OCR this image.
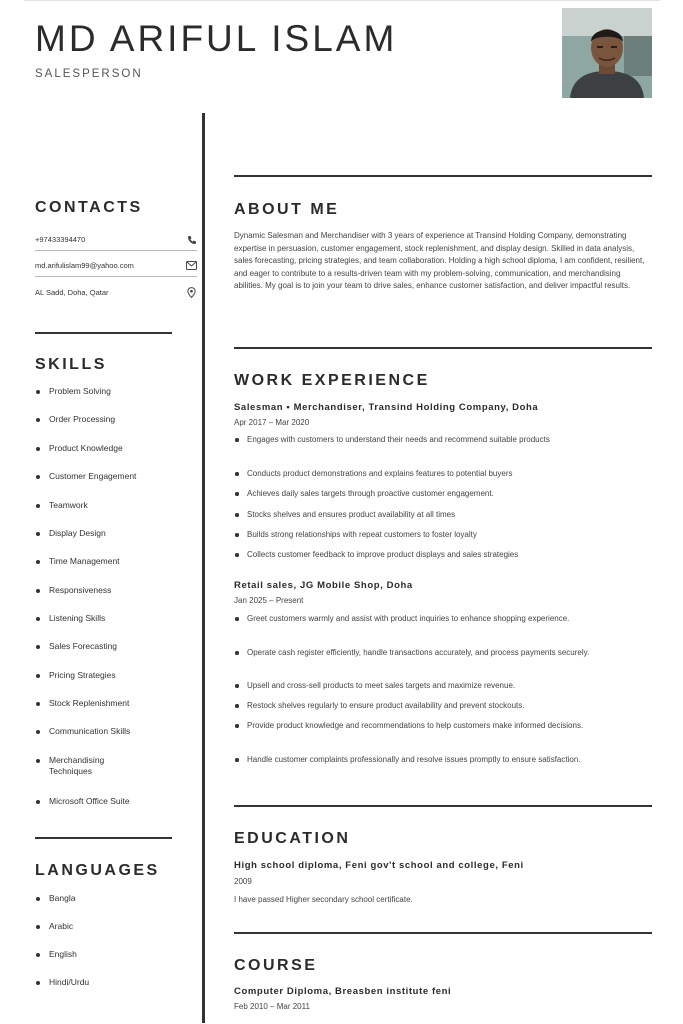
MD ARIFUL ISLAM
SALESPERSON
CONTACTS
+97433394470
md.arifulislam99@yahoo.com
AL Sadd, Doha, Qatar
SKILLS
Problem Solving
Order Processing
Product Knowledge
Customer Engagement
Teamwork
Display Design
Time Management
Responsiveness
Listening Skills
Sales Forecasting
Pricing Strategies
Stock Replenishment
Communication Skills
Merchandising Techniques
Microsoft Office Suite
LANGUAGES
Bangla
Arabic
English
Hindi/Urdu
ABOUT ME

Dynamic Salesman and Merchandiser with 3 years of experience at Transind Holding Company, demonstrating expertise in persuasion, customer engagement, stock replenishment, and display design. Skilled in data analysis, sales forecasting, pricing strategies, and team collaboration. Holding a high school diploma, I am confident, resilient, and eager to contribute to a results-driven team with my problem-solving, communication, and merchandising abilities. My goal is to join your team to drive sales, enhance customer satisfaction, and deliver impactful results.

WORK EXPERIENCE
Salesman • Merchandiser, Transind Holding Company, Doha
Apr 2017 – Mar 2020
Engages with customers to understand their needs and recommend suitable products
Conducts product demonstrations and explains features to potential buyers
Achieves daily sales targets through proactive customer engagement.
Stocks shelves and ensures product availability at all times
Builds strong relationships with repeat customers to foster loyalty
Collects customer feedback to improve product displays and sales strategies
Retail sales, JG Mobile Shop, Doha
Jan 2025 – Present
Greet customers warmly and assist with product inquiries to enhance shopping experience.
Operate cash register efficiently, handle transactions accurately, and process payments securely.
Upsell and cross-sell products to meet sales targets and maximize revenue.
Restock shelves regularly to ensure product availability and prevent stockouts.
Provide product knowledge and recommendations to help customers make informed decisions.
Handle customer complaints professionally and resolve issues promptly to ensure satisfaction.
EDUCATION
High school diploma, Feni gov't school and college, Feni
2009
I have passed Higher secondary school certificate.
COURSE
Computer Diploma, Breasben institute feni
Feb 2010 – Mar 2011
